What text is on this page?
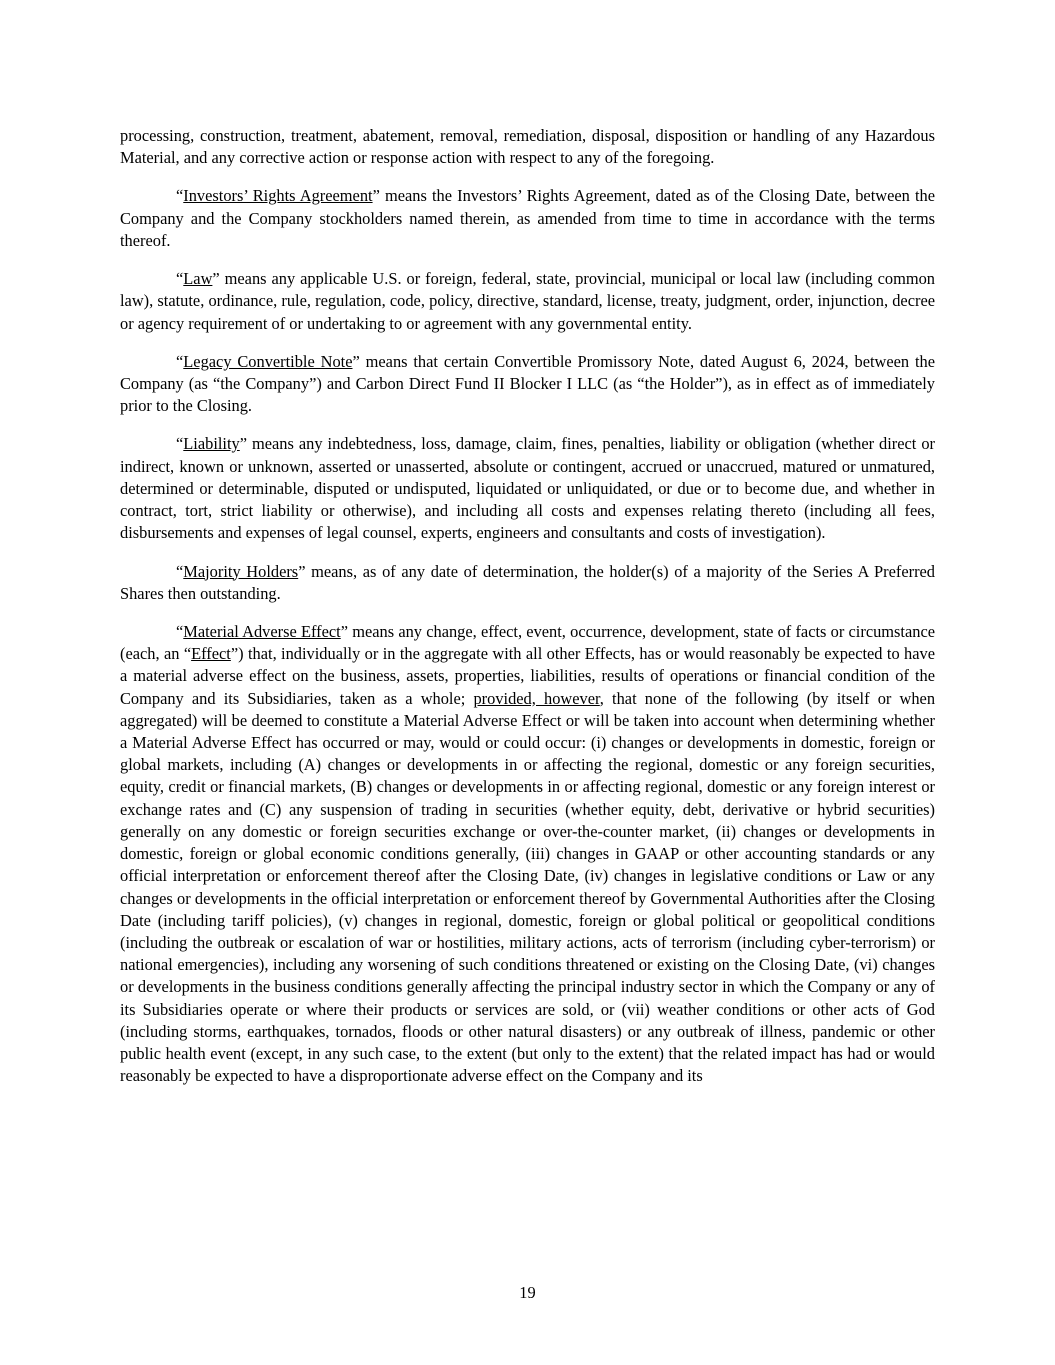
processing, construction, treatment, abatement, removal, remediation, disposal, disposition or handling of any Hazardous Material, and any corrective action or response action with respect to any of the foregoing.

“Investors’ Rights Agreement” means the Investors’ Rights Agreement, dated as of the Closing Date, between the Company and the Company stockholders named therein, as amended from time to time in accordance with the terms thereof.

“Law” means any applicable U.S. or foreign, federal, state, provincial, municipal or local law (including common law), statute, ordinance, rule, regulation, code, policy, directive, standard, license, treaty, judgment, order, injunction, decree or agency requirement of or undertaking to or agreement with any governmental entity.

“Legacy Convertible Note” means that certain Convertible Promissory Note, dated August 6, 2024, between the Company (as “the Company”) and Carbon Direct Fund II Blocker I LLC (as “the Holder”), as in effect as of immediately prior to the Closing.

“Liability” means any indebtedness, loss, damage, claim, fines, penalties, liability or obligation (whether direct or indirect, known or unknown, asserted or unasserted, absolute or contingent, accrued or unaccrued, matured or unmatured, determined or determinable, disputed or undisputed, liquidated or unliquidated, or due or to become due, and whether in contract, tort, strict liability or otherwise), and including all costs and expenses relating thereto (including all fees, disbursements and expenses of legal counsel, experts, engineers and consultants and costs of investigation).

“Majority Holders” means, as of any date of determination, the holder(s) of a majority of the Series A Preferred Shares then outstanding.

“Material Adverse Effect” means any change, effect, event, occurrence, development, state of facts or circumstance (each, an “Effect”) that, individually or in the aggregate with all other Effects, has or would reasonably be expected to have a material adverse effect on the business, assets, properties, liabilities, results of operations or financial condition of the Company and its Subsidiaries, taken as a whole; provided, however, that none of the following (by itself or when aggregated) will be deemed to constitute a Material Adverse Effect or will be taken into account when determining whether a Material Adverse Effect has occurred or may, would or could occur: (i) changes or developments in domestic, foreign or global markets, including (A) changes or developments in or affecting the regional, domestic or any foreign securities, equity, credit or financial markets, (B) changes or developments in or affecting regional, domestic or any foreign interest or exchange rates and (C) any suspension of trading in securities (whether equity, debt, derivative or hybrid securities) generally on any domestic or foreign securities exchange or over-the-counter market, (ii) changes or developments in domestic, foreign or global economic conditions generally, (iii) changes in GAAP or other accounting standards or any official interpretation or enforcement thereof after the Closing Date, (iv) changes in legislative conditions or Law or any changes or developments in the official interpretation or enforcement thereof by Governmental Authorities after the Closing Date (including tariff policies), (v) changes in regional, domestic, foreign or global political or geopolitical conditions (including the outbreak or escalation of war or hostilities, military actions, acts of terrorism (including cyber-terrorism) or national emergencies), including any worsening of such conditions threatened or existing on the Closing Date, (vi) changes or developments in the business conditions generally affecting the principal industry sector in which the Company or any of its Subsidiaries operate or where their products or services are sold, or (vii) weather conditions or other acts of God (including storms, earthquakes, tornados, floods or other natural disasters) or any outbreak of illness, pandemic or other public health event (except, in any such case, to the extent (but only to the extent) that the related impact has had or would reasonably be expected to have a disproportionate adverse effect on the Company and its

19
